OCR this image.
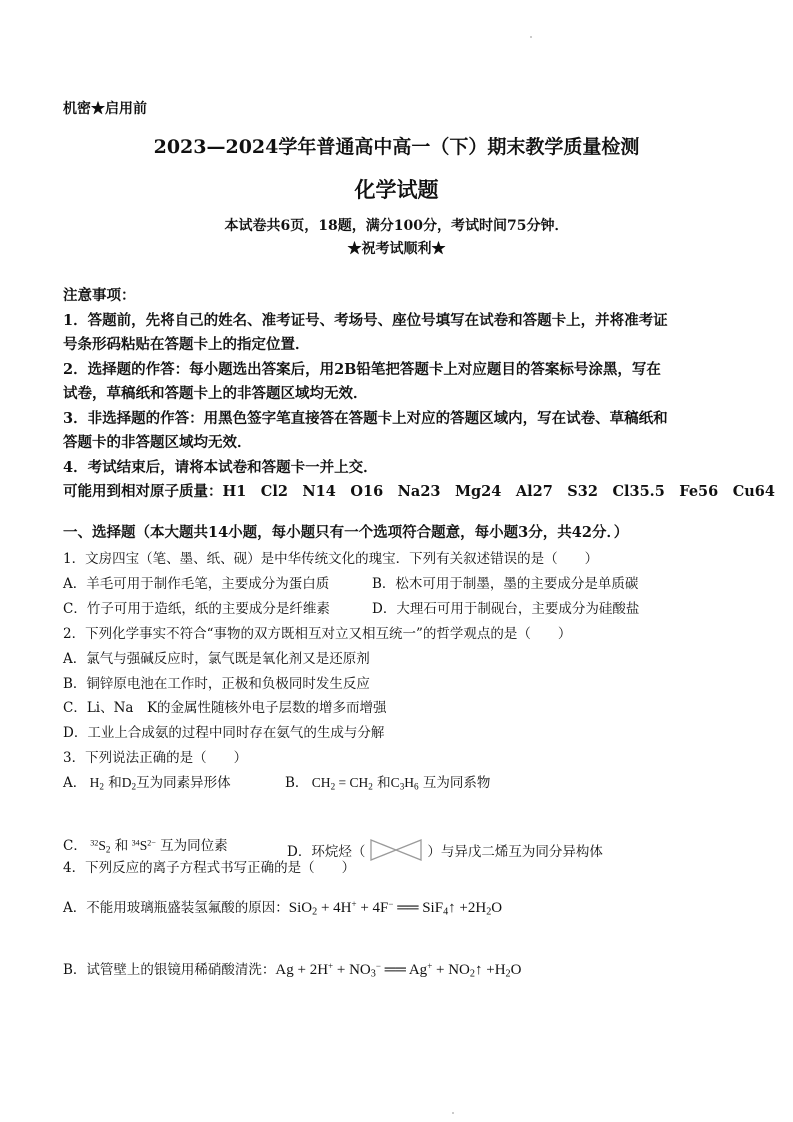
机密★启用前
2023—2024学年普通高中高一（下）期末教学质量检测
化学试题
本试卷共6页，18题，满分100分，考试时间75分钟．
★祝考试顺利★
注意事项：
1．答题前，先将自己的姓名、准考证号、考场号、座位号填写在试卷和答题卡上，并将准考证
号条形码粘贴在答题卡上的指定位置．
2．选择题的作答：每小题选出答案后，用2B铅笔把答题卡上对应题目的答案标号涂黑，写在
试卷，草稿纸和答题卡上的非答题区域均无效．
3．非选择题的作答：用黑色签字笔直接答在答题卡上对应的答题区域内，写在试卷、草稿纸和
答题卡的非答题区域均无效．
4．考试结束后，请将本试卷和答题卡一并上交．
可能用到相对原子质量：H1　Cl2　N14　O16　Na23　Mg24　Al27　S32　Cl35.5　Fe56　Cu64
一、选择题（本大题共14小题，每小题只有一个选项符合题意，每小题3分，共42分．）
1．文房四宝（笔、墨、纸、砚）是中华传统文化的瑰宝．下列有关叙述错误的是（　　）
A．羊毛可用于制作毛笔，主要成分为蛋白质	B．松木可用于制墨，墨的主要成分是单质碳
C．竹子可用于造纸，纸的主要成分是纤维素	D．大理石可用于制砚台，主要成分为硅酸盐
2．下列化学事实不符合“事物的双方既相互对立又相互统一”的哲学观点的是（　　）
A．氯气与强碱反应时，氯气既是氧化剂又是还原剂
B．铜锌原电池在工作时，正极和负极同时发生反应
C．Li、Na　K的金属性随核外电子层数的增多而增强
D．工业上合成氨的过程中同时存在氨气的生成与分解
3．下列说法正确的是（　　）
A． $H_2$ 和$D_2$互为同素异形体	B． $CH_2 = CH_2$ 和$C_3H_6$ 互为同系物
C． $^{32}S_2$ 和 $^{34}S^{2-}$ 互为同位素	D．环烷烃（	）与异戊二烯互为同分异构体
4．下列反应的离子方程式书写正确的是（　　）
A．不能用玻璃瓶盛装氢氟酸的原因：SiO$_2$ + 4H+ + 4F− ══ SiF$_4$↑ $+2H_2O$
B．试管壁上的银镜用稀硝酸清洗：$Ag + 2H^+ + NO_3^-$ ══ $Ag^+ + NO_2↑ +H_2O$
